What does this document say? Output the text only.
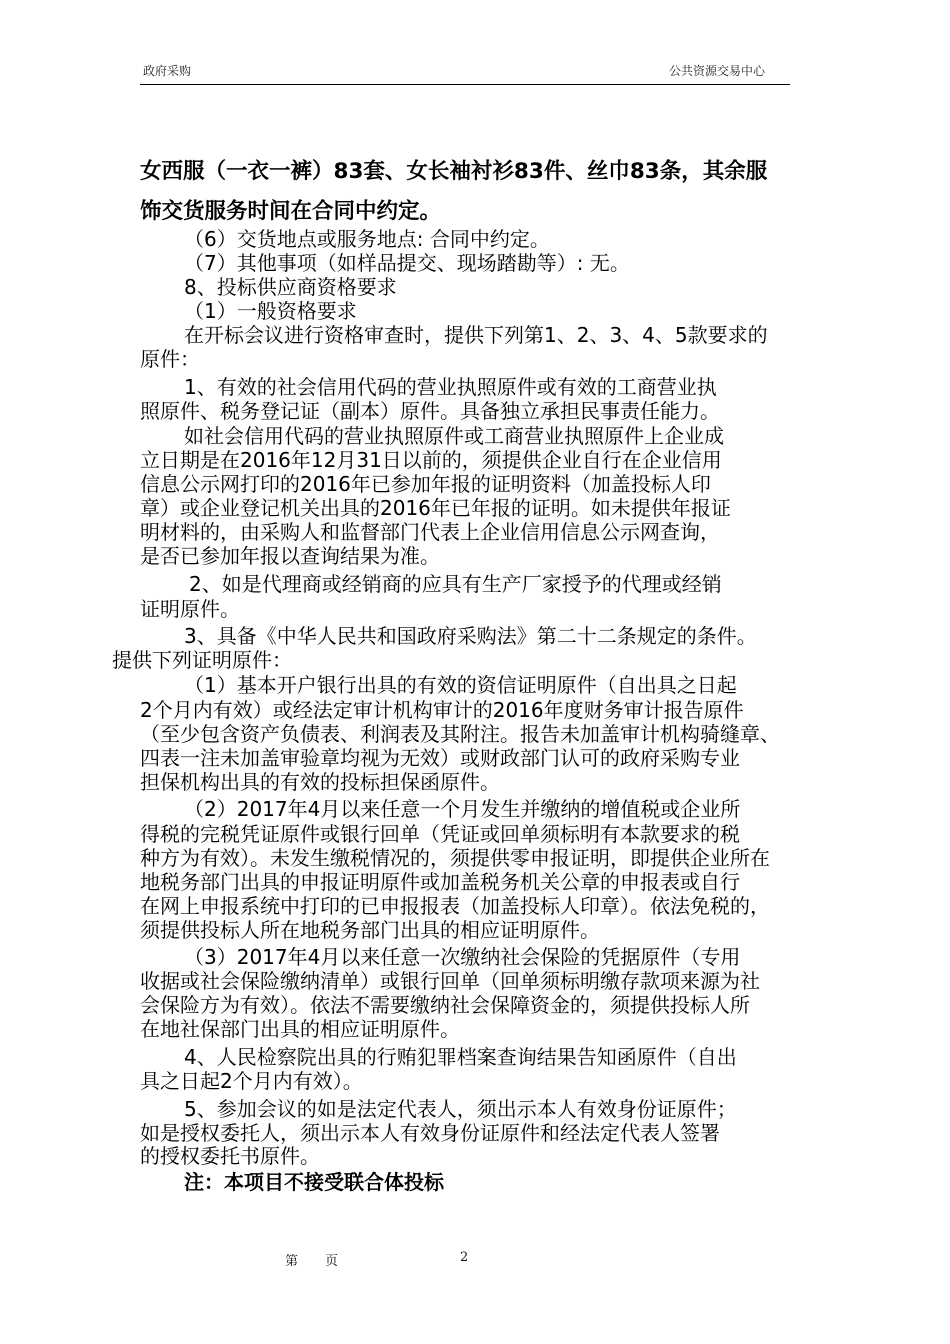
政府采购	公共资源交易中心
女西服（一衣一裤）83套、女长袖衬衫83件、丝巾83条，其余服
饰交货服务时间在合同中约定。
（6）交货地点或服务地点: 合同中约定。
（7）其他事项（如样品提交、现场踏勘等）: 无。
8、投标供应商资格要求
（1）一般资格要求
在开标会议进行资格审查时，提供下列第1、2、3、4、5款要求的
原件：
1、有效的社会信用代码的营业执照原件或有效的工商营业执
照原件、税务登记证（副本）原件。具备独立承担民事责任能力。
如社会信用代码的营业执照原件或工商营业执照原件上企业成
立日期是在2016年12月31日以前的，须提供企业自行在企业信用
信息公示网打印的2016年已参加年报的证明资料（加盖投标人印
章）或企业登记机关出具的2016年已年报的证明。如未提供年报证
明材料的，由采购人和监督部门代表上企业信用信息公示网查询，
是否已参加年报以查询结果为准。
2、如是代理商或经销商的应具有生产厂家授予的代理或经销
证明原件。
3、具备《中华人民共和国政府采购法》第二十二条规定的条件。
提供下列证明原件：
（1）基本开户银行出具的有效的资信证明原件（自出具之日起
2个月内有效）或经法定审计机构审计的2016年度财务审计报告原件
（至少包含资产负债表、利润表及其附注。报告未加盖审计机构骑缝章、
四表一注未加盖审验章均视为无效）或财政部门认可的政府采购专业
担保机构出具的有效的投标担保函原件。
（2）2017年4月以来任意一个月发生并缴纳的增值税或企业所
得税的完税凭证原件或银行回单（凭证或回单须标明有本款要求的税
种方为有效）。未发生缴税情况的，须提供零申报证明，即提供企业所在
地税务部门出具的申报证明原件或加盖税务机关公章的申报表或自行
在网上申报系统中打印的已申报报表（加盖投标人印章）。依法免税的，
须提供投标人所在地税务部门出具的相应证明原件。
（3）2017年4月以来任意一次缴纳社会保险的凭据原件（专用
收据或社会保险缴纳清单）或银行回单（回单须标明缴存款项来源为社
会保险方为有效）。依法不需要缴纳社会保障资金的，须提供投标人所
在地社保部门出具的相应证明原件。
4、人民检察院出具的行贿犯罪档案查询结果告知函原件（自出
具之日起2个月内有效）。
5、参加会议的如是法定代表人，须出示本人有效身份证原件；
如是授权委托人，须出示本人有效身份证原件和经法定代表人签署
的授权委托书原件。
注：本项目不接受联合体投标
第 页	2
